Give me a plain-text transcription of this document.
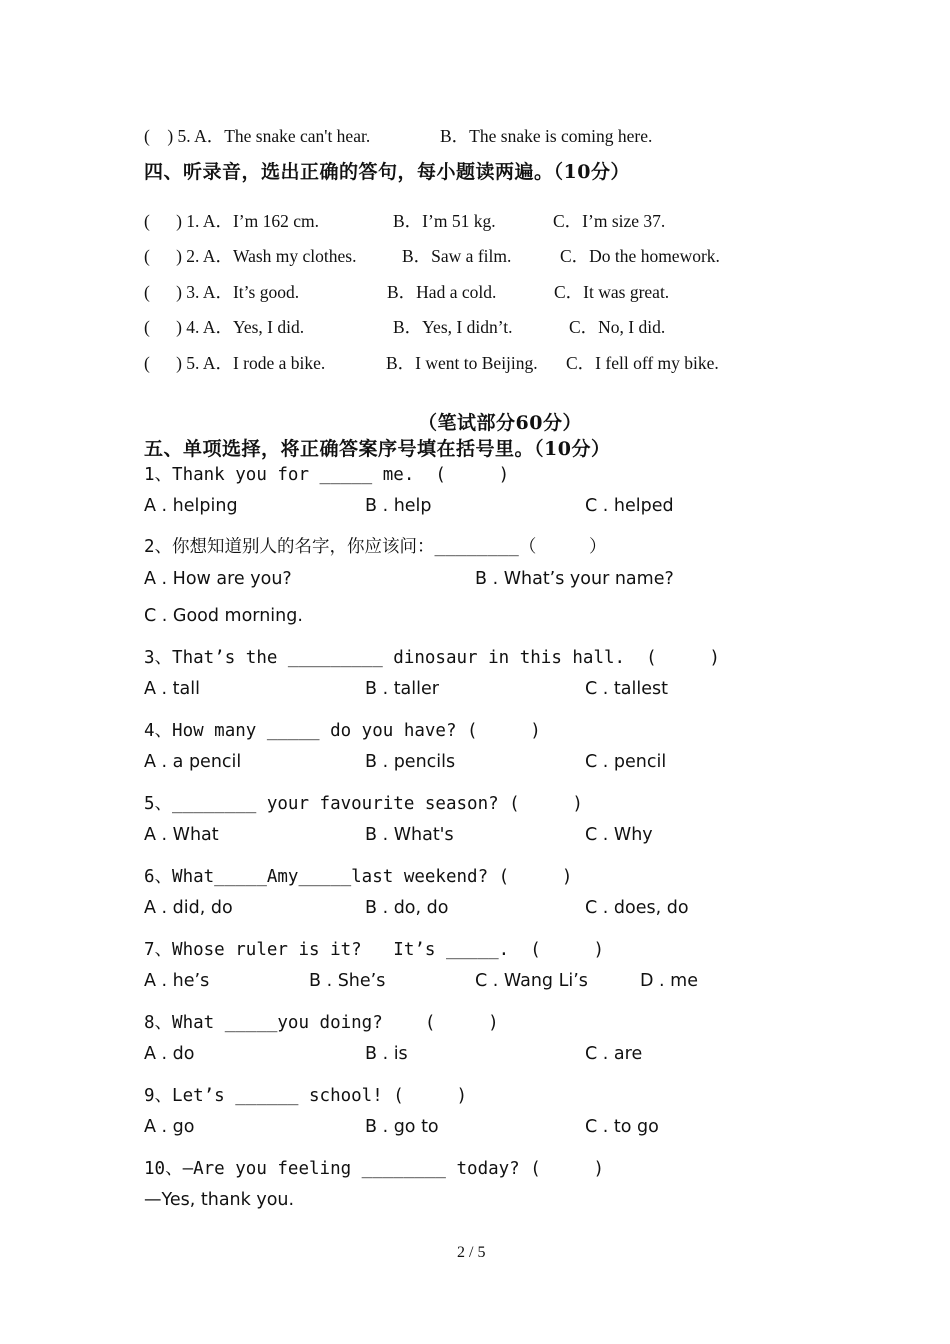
(    ) 5. A．The snake can't hear.	B．The snake is coming here.
四、听录音，选出正确的答句，每小题读两遍。（10分）
(      ) 1. A．I’m 162 cm.	B．I’m 51 kg.	C．I’m size 37.
(      ) 2. A．Wash my clothes.	B．Saw a film.	C．Do the homework.
(      ) 3. A．It’s good.	B．Had a cold.	C．It was great.
(      ) 4. A．Yes, I did.	B．Yes, I didn’t.	C．No, I did.
(      ) 5. A．I rode a bike.	B．I went to Beijing. C．I fell off my bike.
（笔试部分60分）
五、单项选择，将正确答案序号填在括号里。（10分）
1、Thank you for _____ me.  (     )
A . helping	B . help	C . helped
2、你想知道别人的名字，你应该问：________（     ）
A . How are you?	B . What’s your name?
C . Good morning.
3、That’s the _________ dinosaur in this hall.  (     )
A . tall	B . taller	C . tallest
4、How many _____ do you have? (     )
A . a pencil	B . pencils	C . pencil
5、________ your favourite season? (     )
A . What	B . What's	C . Why
6、What_____Amy_____last weekend? (     )
A . did, do	B . do, do	C . does, do
7、Whose ruler is it?   It’s _____.  (     )
A . he’s	B . She’s	C . Wang Li’s	D . me
8、What _____you doing?    (     )
A . do	B . is	C . are
9、Let’s ______ school! (     )
A . go	B . go to	C . to go
10、—Are you feeling ________ today? (     )
—Yes, thank you.
2 / 5
